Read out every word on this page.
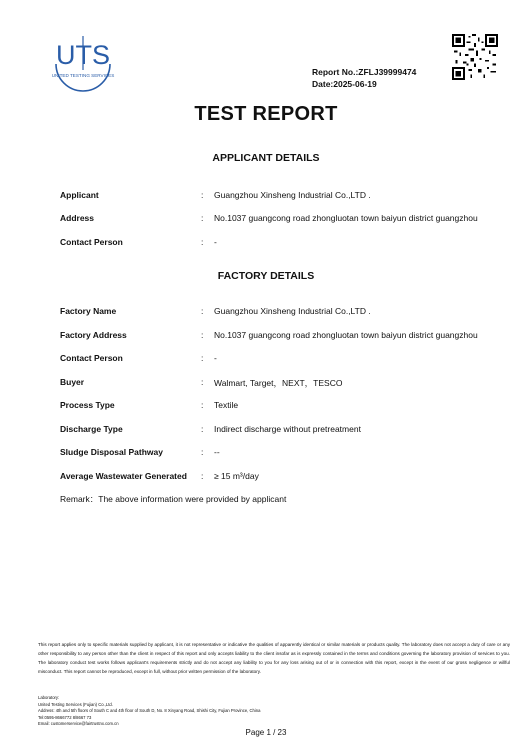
UTS
UNITED TESTING SERVICES	Report No.:ZFLJ39999474
Date:2025-06-19
TEST REPORT
APPLICANT DETAILS
Applicant	: Guangzhou Xinsheng Industrial Co.,LTD .
Address	: No.1037 guangcong road zhongluotan town baiyun district guangzhou
Contact Person	: -
FACTORY DETAILS
Factory Name	: Guangzhou Xinsheng Industrial Co.,LTD .
Factory Address	: No.1037 guangcong road zhongluotan town baiyun district guangzhou
Contact Person	: -
Buyer	: Walmart, Target，NEXT，TESCO
Process Type	: Textile
Discharge Type	: Indirect discharge without pretreatment
Sludge Disposal Pathway	: --
Average Wastewater Generated : ≥ 15 m³/day
Remark：The above information were provided by applicant
This report applies only to specific materials supplied by applicant, it is not representative or indicative the qualities of apparently identical or similar materials or products quality. The laboratory does not accept a duty of care or any other responsibility to any person other than the client in respect of this report and only accepts liability to the client insofar as is expressly contained in the terms and conditions governing the laboratory provision of services to you. The laboratory conduct test works follows applicant's requirements strictly and do not accept any liability to you for any loss arising out of or in connection with this report, except in the event of our gross negligence or willful misconduct. This report cannot be reproduced, except in full, without prior written permission of the laboratory.
Laboratory:
United Testing Services (Fujian) Co.,Ltd.
Address: 4th and 5th floors of South C and 4th floor of South D, No. 8 Xinyang Road, Shishi City, Fujian Province, China
Tel:0595-8666772 8/8667 73
Email: customerservice@fairtrustnx.com.cn
Page 1 / 23
